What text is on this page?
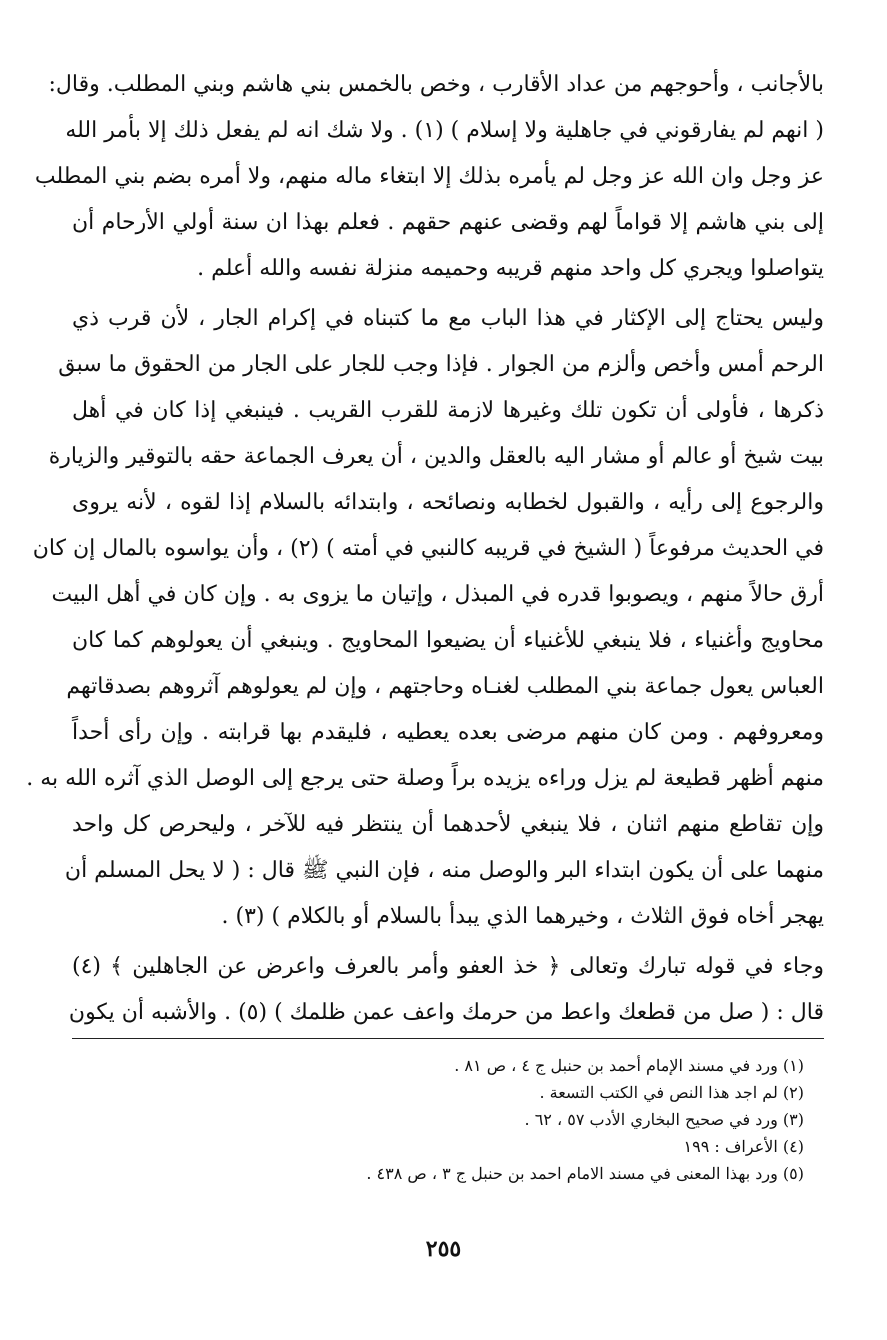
بالأجانب ، وأحوجهم من عداد الأقارب ، وخص بالخمس بني هاشم وبني المطلب. وقال:
( انهم لم يفارقوني في جاهلية ولا إسلام ) (١) . ولا شك انه لم يفعل ذلك إلا بأمر الله
عز وجل وان الله عز وجل لم يأمره بذلك إلا ابتغاء ماله منهم، ولا أمره بضم بني المطلب
إلى بني هاشم إلا قواماً لهم وقضى عنهم حقهم . فعلم بهذا ان سنة أولي الأرحام أن
يتواصلوا ويجري كل واحد منهم قريبه وحميمه منزلة نفسه والله أعلم .
وليس يحتاج إلى الإكثار في هذا الباب مع ما كتبناه في إكرام الجار ، لأن قرب ذي
الرحم أمس وأخص وألزم من الجوار . فإذا وجب للجار على الجار من الحقوق ما سبق
ذكرها ، فأولى أن تكون تلك وغيرها لازمة للقرب القريب . فينبغي إذا كان في أهل
بيت شيخ أو عالم أو مشار اليه بالعقل والدين ، أن يعرف الجماعة حقه بالتوقير والزيارة
والرجوع إلى رأيه ، والقبول لخطابه ونصائحه ، وابتدائه بالسلام إذا لقوه ، لأنه يروى
في الحديث مرفوعاً ( الشيخ في قريبه كالنبي في أمته ) (٢) ، وأن يواسوه بالمال إن كان
أرق حالاً منهم ، ويصوبوا قدره في المبذل ، وإتيان ما يزوى به . وإن كان في أهل البيت
محاويج وأغنياء ، فلا ينبغي للأغنياء أن يضيعوا المحاويج . وينبغي أن يعولوهم كما كان
العباس يعول جماعة بني المطلب لغنـاه وحاجتهم ، وإن لم يعولوهم آثروهم بصدقاتهم
ومعروفهم . ومن كان منهم مرضى بعده يعطيه ، فليقدم بها قرابته . وإن رأى أحداً
منهم أظهر قطيعة لم يزل وراءه يزيده براً وصلة حتى يرجع إلى الوصل الذي آثره الله به .
وإن تقاطع منهم اثنان ، فلا ينبغي لأحدهما أن ينتظر فيه للآخر ، وليحرص كل واحد
منهما على أن يكون ابتداء البر والوصل منه ، فإن النبي ﷺ قال : ( لا يحل المسلم أن
يهجر أخاه فوق الثلاث ، وخيرهما الذي يبدأ بالسلام أو بالكلام ) (٣) .
وجاء في قوله تبارك وتعالى ﴿ خذ العفو وأمر بالعرف واعرض عن الجاهلين ﴾ (٤)
قال : ( صل من قطعك واعط من حرمك واعف عمن ظلمك ) (٥) . والأشبه أن يكون
(١) ورد في مسند الإمام أحمد بن حنبل ج ٤ ، ص ٨١ .
(٢) لم اجد هذا النص في الكتب التسعة .
(٣) ورد في صحيح البخاري الأدب ٥٧ ، ٦٢ .
(٤) الأعراف : ١٩٩
(٥) ورد بهذا المعنى في مسند الامام احمد بن حنبل ج ٣ ، ص ٤٣٨ .
٢٥٥
